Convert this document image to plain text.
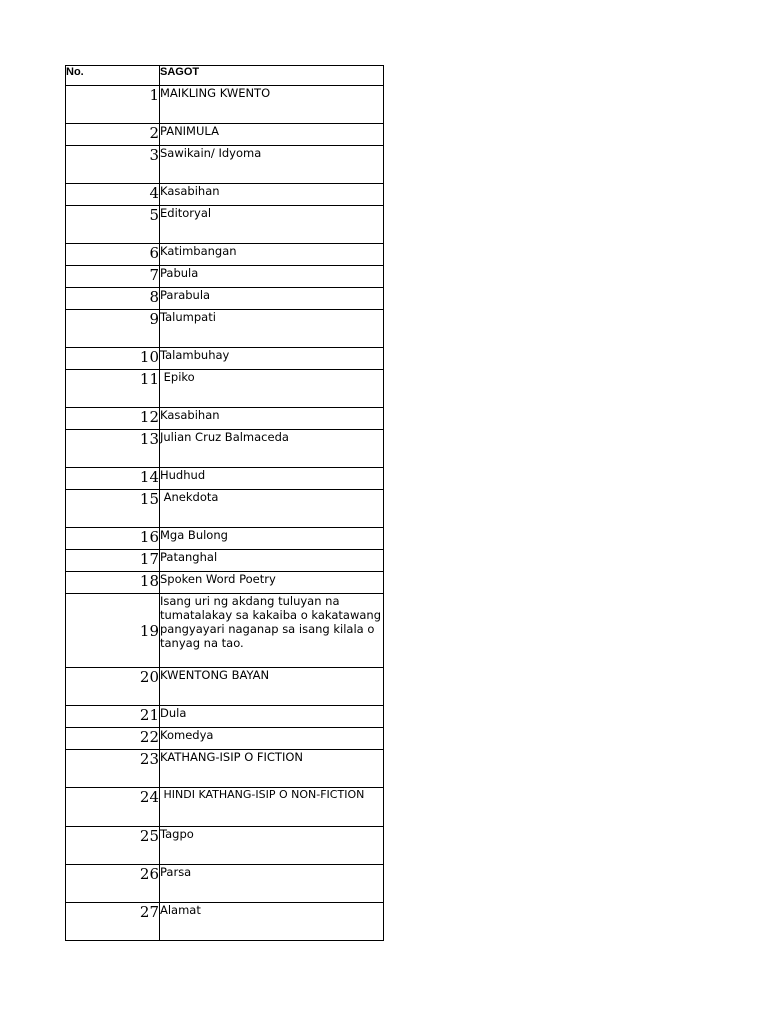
No.	SAGOT
1	MAIKLING KWENTO
2	PANIMULA
3	Sawikain/ Idyoma
4	Kasabihan
5	Editoryal
6	Katimbangan
7	Pabula
8	Parabula
9	Talumpati
10	Talambuhay
11	Epiko
12	Kasabihan
13	Julian Cruz Balmaceda
14	Hudhud
15	Anekdota
16	Mga Bulong
17	Patanghal
18	Spoken Word Poetry
19	Isang uri ng akdang tuluyan na tumatalakay sa kakaiba o kakatawang pangyayari naganap sa isang kilala o tanyag na tao.
20	KWENTONG BAYAN
21	Dula
22	Komedya
23	KATHANG-ISIP O FICTION
24	HINDI KATHANG-ISIP O NON-FICTION
25	Tagpo
26	Parsa
27	Alamat
